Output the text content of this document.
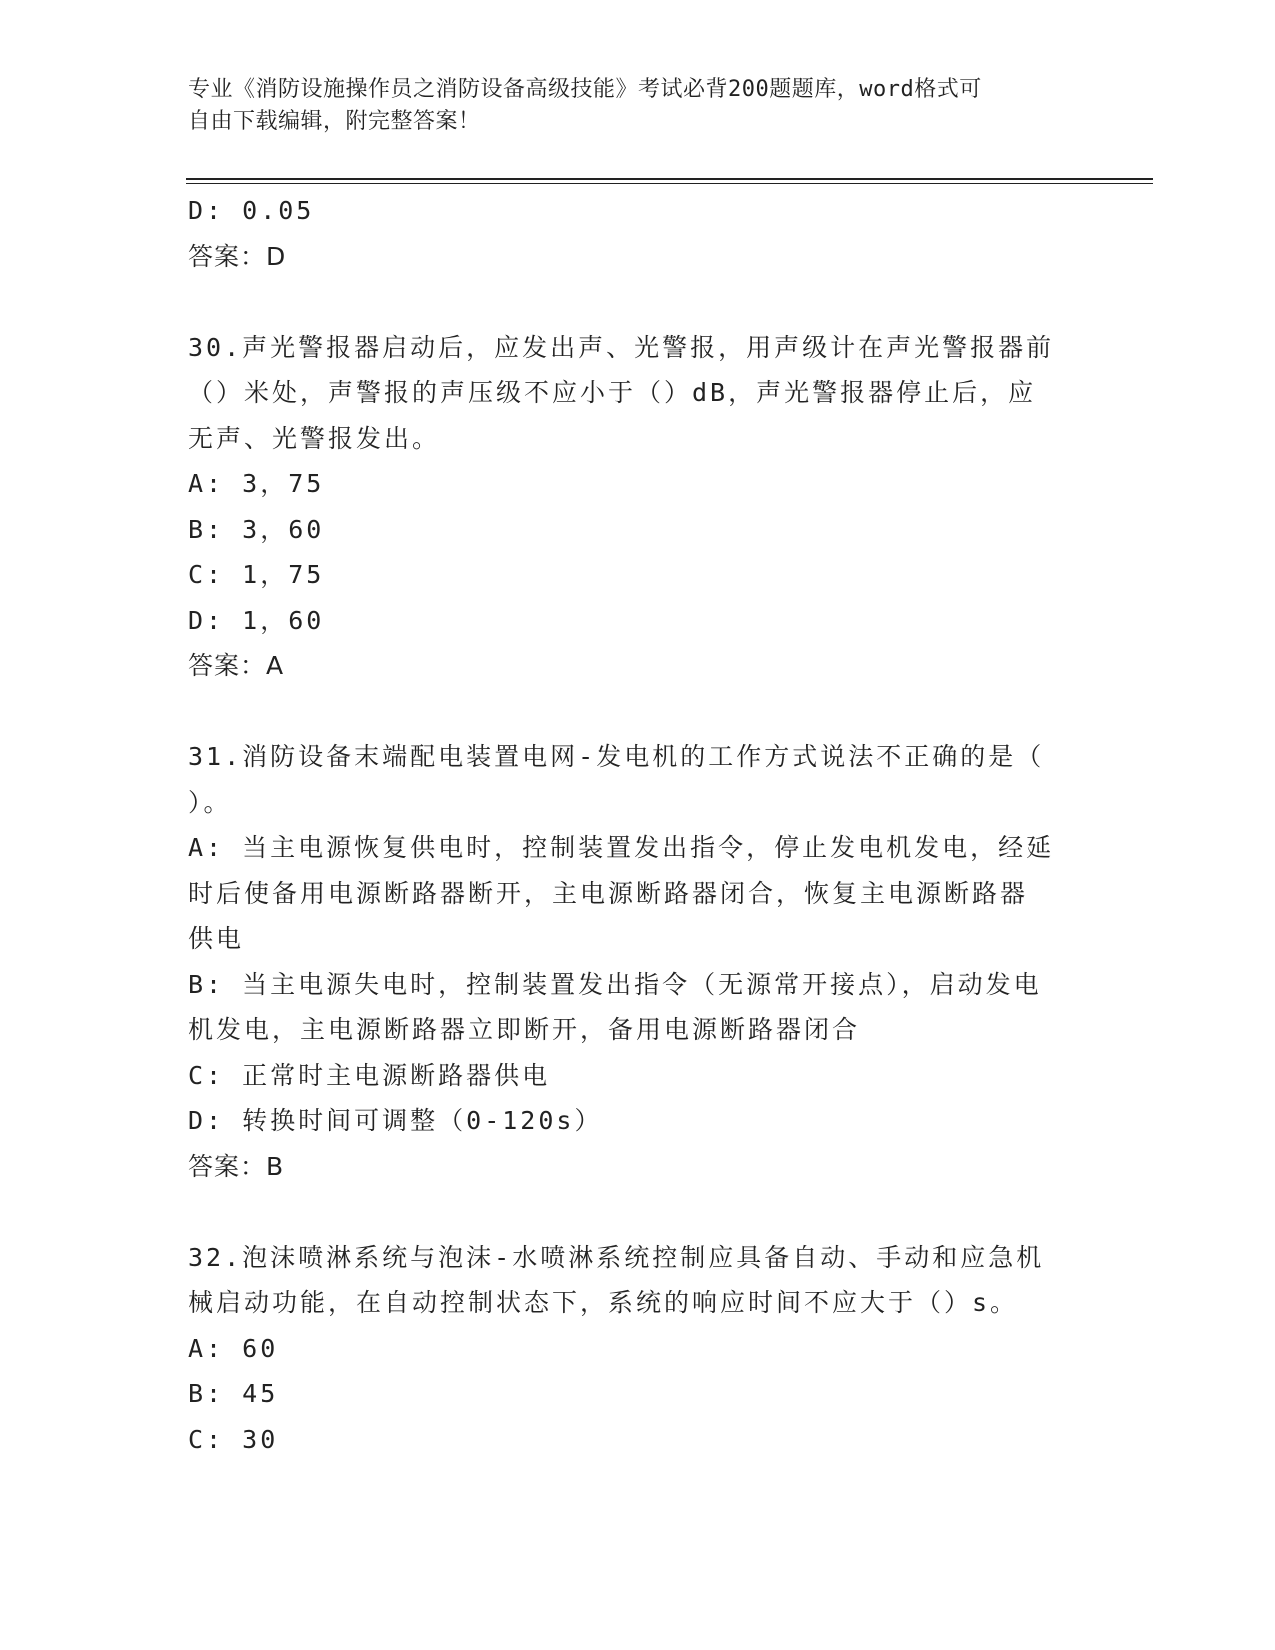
专业《消防设施操作员之消防设备高级技能》考试必背200题题库，word格式可
自由下载编辑，附完整答案！
D: 0.05
答案：D
30.声光警报器启动后，应发出声、光警报，用声级计在声光警报器前
（）米处，声警报的声压级不应小于（）dB，声光警报器停止后，应
无声、光警报发出。
A: 3，75
B: 3，60
C: 1，75
D: 1，60
答案：A
31.消防设备末端配电装置电网-发电机的工作方式说法不正确的是（
）。
A: 当主电源恢复供电时，控制装置发出指令，停止发电机发电，经延
时后使备用电源断路器断开，主电源断路器闭合，恢复主电源断路器
供电
B: 当主电源失电时，控制装置发出指令（无源常开接点），启动发电
机发电，主电源断路器立即断开，备用电源断路器闭合
C: 正常时主电源断路器供电
D: 转换时间可调整（0-120s）
答案：B
32.泡沫喷淋系统与泡沫-水喷淋系统控制应具备自动、手动和应急机
械启动功能，在自动控制状态下，系统的响应时间不应大于（）s。
A: 60
B: 45
C: 30
